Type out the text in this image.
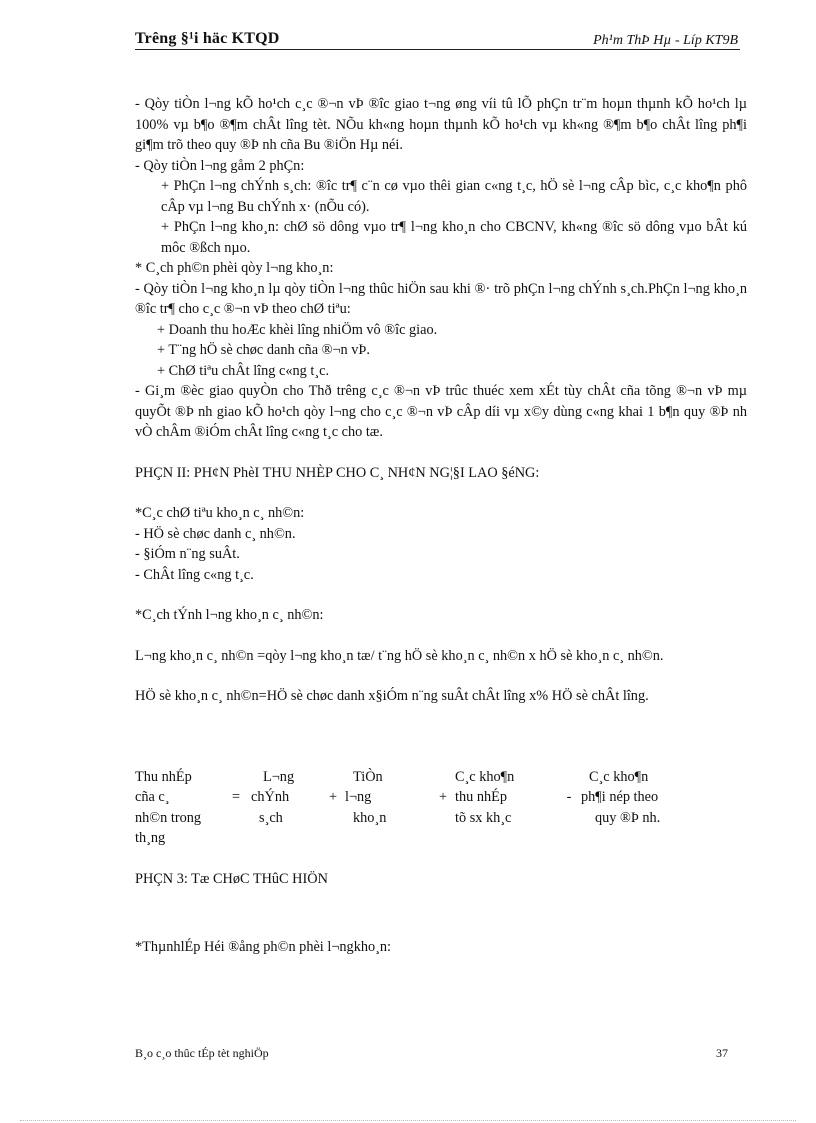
Trêng §¹i häc KTQD	Ph¹m ThÞ Hµ - Líp KT9B

- Qòy tiÒn l¬ng kÕ ho¹ch c¸c ®¬n vÞ ®îc giao t¬ng øng víi tû lÕ phÇn tr¨m hoµn thµnh kÕ ho¹ch lµ 100% vµ b¶o ®¶m chÂt lîng tèt. NÕu kh«ng hoµn thµnh kÕ ho¹ch vµ kh«ng ®¶m b¶o chÂt lîng ph¶i gi¶m trõ theo quy ®Þ nh cña Bu ®iÖn Hµ néi.

- Qòy tiÒn l¬ng gåm 2 phÇn:

+ PhÇn l¬ng chÝnh s¸ch: ®îc tr¶ c¨n cø vµo thêi gian c«ng t¸c, hÖ sè l¬ng cÂp bìc, c¸c kho¶n phô cÂp vµ l¬ng Bu chÝnh x· (nÕu có).

+ PhÇn l¬ng kho¸n: chØ sö dông vµo tr¶ l¬ng kho¸n cho CBCNV, kh«ng ®îc sö dông vµo bÂt kú môc ®ßch nµo.

* C¸ch ph©n phèi qòy l¬ng kho¸n:

- Qòy tiÒn l¬ng kho¸n lµ qòy tiÒn l¬ng thûc hiÖn sau khi ®· trõ phÇn l¬ng chÝnh s¸ch.PhÇn l¬ng kho¸n ®îc tr¶ cho c¸c ®¬n vÞ theo chØ tiªu:

+ Doanh thu hoÆc khèi lîng nhiÖm vô ®îc giao.

+ T¨ng hÖ sè chøc danh cña ®¬n vÞ.

+ ChØ tiªu chÂt lîng c«ng t¸c.

- Gi¸m ®èc giao quyÒn cho Thð trêng c¸c ®¬n vÞ trûc thuéc xem xÉt tùy chÂt cña tõng ®¬n vÞ mµ quyÕt ®Þ nh giao kÕ ho¹ch qòy l¬ng cho c¸c ®¬n vÞ cÂp díi vµ x©y dùng c«ng khai 1 b¶n quy ®Þ nh vÒ chÂm ®iÓm chÂt lîng c«ng t¸c cho tæ.

PHÇN II: PH¢N PhèI THU NHÈP CHO C¸ NH¢N NG¦§I LAO §éNG:

*C¸c chØ tiªu kho¸n c¸ nh©n:

- HÖ sè chøc danh c¸ nh©n.

- §iÓm n¨ng suÂt.

- ChÂt lîng c«ng t¸c.

*C¸ch tÝnh l¬ng kho¸n c¸ nh©n:

L¬ng kho¸n c¸ nh©n =qòy l¬ng kho¸n tæ/ t¨ng hÖ sè kho¸n c¸ nh©n x hÖ sè kho¸n c¸ nh©n.

HÖ sè kho¸n c¸ nh©n=HÖ sè chøc danh x§iÓm n¨ng suÂt chÂt lîng x% HÖ sè chÂt lîng.

Thu nhÉp		L¬ng		TiÒn		C¸c kho¶n		C¸c kho¶n
cña c¸	=	chÝnh	+	l¬ng	+	thu nhÉp	-	ph¶i nép theo
nh©n trong		s¸ch		kho¸n		tõ sx kh¸c		quy ®Þ nh.
th¸ng								

PHÇN 3: Tæ CHøC THûC HIÖN

*ThµnhlÉp Héi ®ång ph©n phèi l¬ngkho¸n:

B¸o c¸o thûc tÉp tèt nghiÖp	37
